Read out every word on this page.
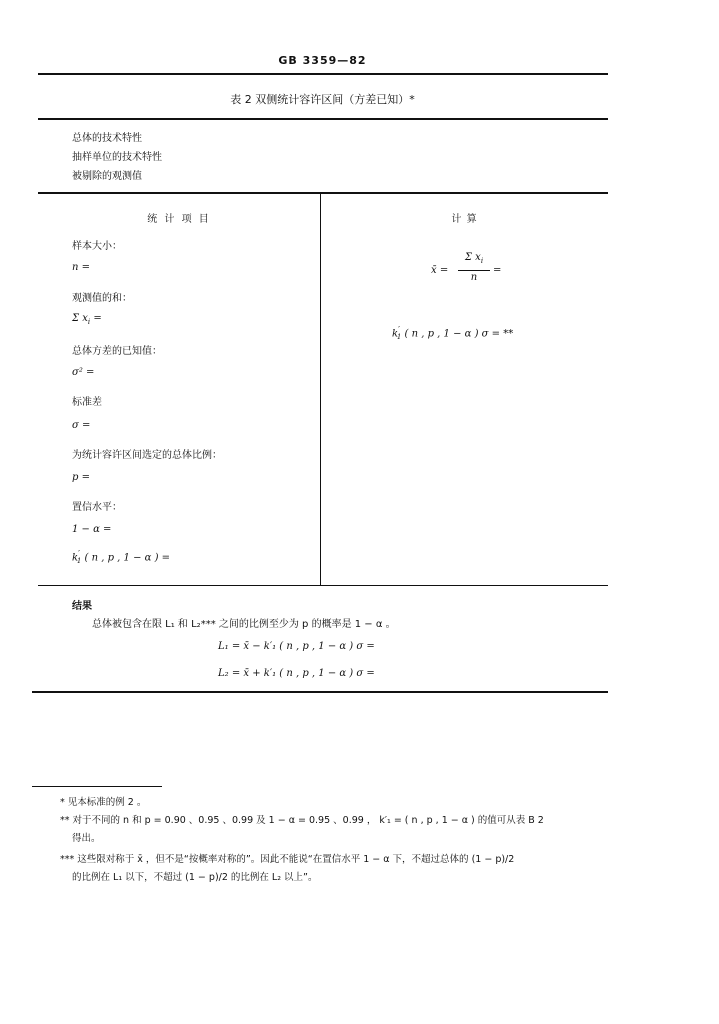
GB 3359—82
表 2 双侧统计容许区间（方差已知）*
总体的技术特性
抽样单位的技术特性
被剔除的观测值
统 计 项 目
样本大小：
n =
观测值的和：
Σ $x_i$ =
总体方差的已知值：
σ² =
标准差
σ =
为统计容许区间选定的总体比例：
p =
置信水平：
1 − α =
$k'_1$ ( n , p , 1 − α ) =
计 算
x̄ =
Σ $x_i$
n
=
$k'_1$ ( n , p , 1 − α ) σ = **
结果
总体被包含在限 L₁ 和 L₂*** 之间的比例至少为 p 的概率是 1 − α 。
L₁ = x̄ − k′₁ ( n , p , 1 − α ) σ =
L₂ = x̄ + k′₁ ( n , p , 1 − α ) σ =
* 见本标准的例 2 。
** 对于不同的 n 和 p = 0.90 、0.95 、0.99 及 1 − α = 0.95 、0.99 ， k′₁ = ( n , p , 1 − α ) 的值可从表 B 2
得出。
*** 这些限对称于 x̄ ，但不是“按概率对称的”。因此不能说“在置信水平 1 − α 下，不超过总体的 (1 − p)/2
的比例在 L₁ 以下，不超过 (1 − p)/2 的比例在 L₂ 以上”。
